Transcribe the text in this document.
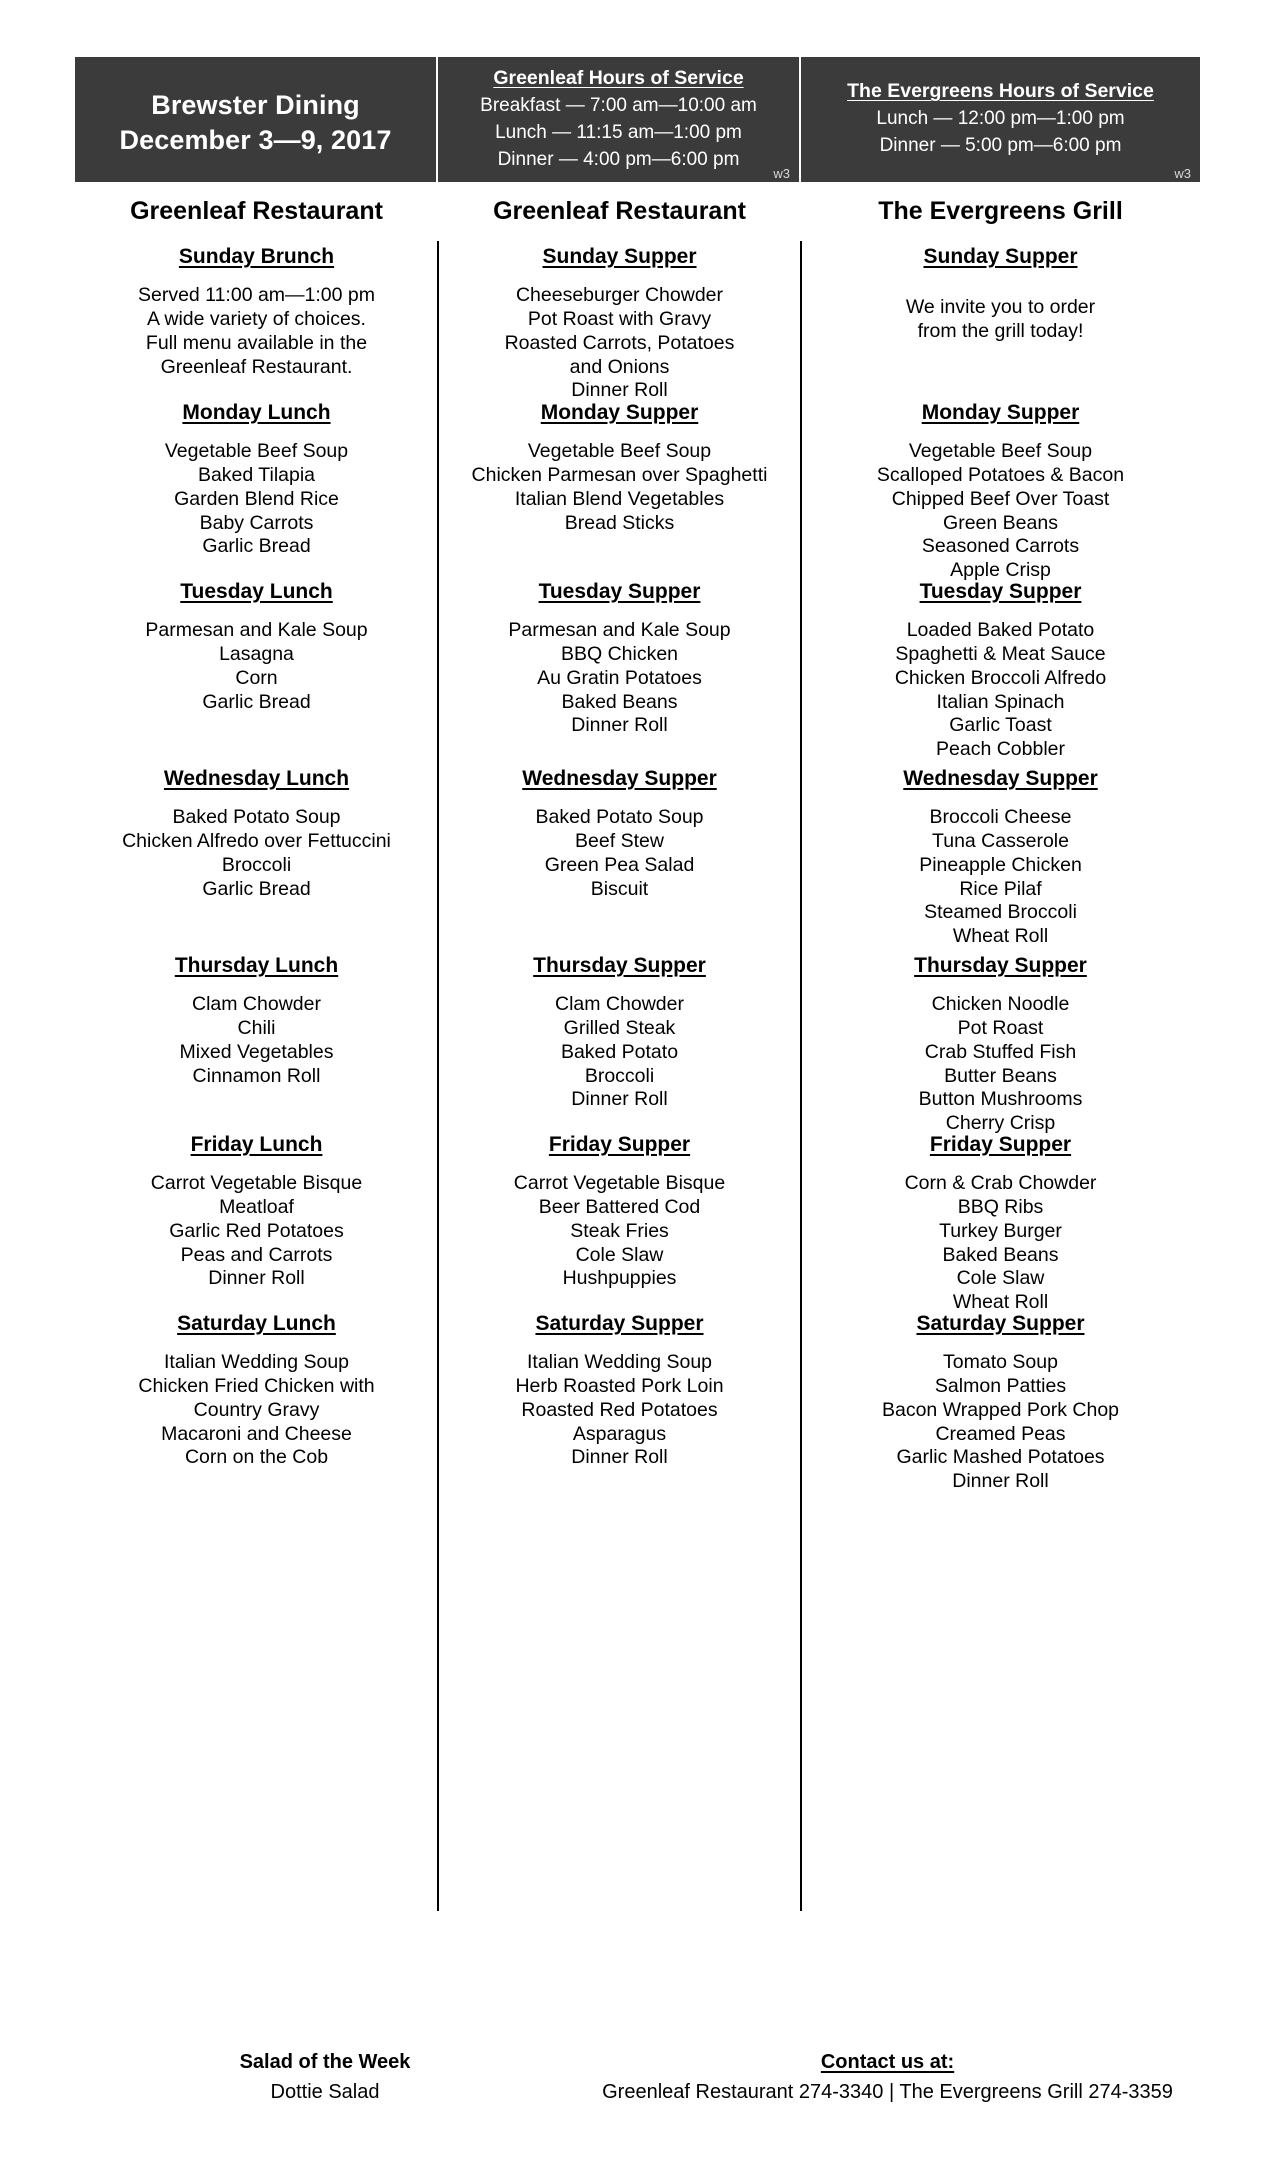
Brewster Dining
December 3—9, 2017
Greenleaf Hours of Service
Breakfast — 7:00 am—10:00 am
Lunch — 11:15 am—1:00 pm
Dinner — 4:00 pm—6:00 pm
w3
The Evergreens Hours of Service
Lunch — 12:00 pm—1:00 pm
Dinner — 5:00 pm—6:00 pm
w3
Greenleaf Restaurant
Sunday Brunch
Served 11:00 am—1:00 pm
A wide variety of choices.
Full menu available in the
Greenleaf Restaurant.
Monday Lunch
Vegetable Beef Soup
Baked Tilapia
Garden Blend Rice
Baby Carrots
Garlic Bread
Tuesday Lunch
Parmesan and Kale Soup
Lasagna
Corn
Garlic Bread
Wednesday Lunch
Baked Potato Soup
Chicken Alfredo over Fettuccini
Broccoli
Garlic Bread
Thursday Lunch
Clam Chowder
Chili
Mixed Vegetables
Cinnamon Roll
Friday Lunch
Carrot Vegetable Bisque
Meatloaf
Garlic Red Potatoes
Peas and Carrots
Dinner Roll
Saturday Lunch
Italian Wedding Soup
Chicken Fried Chicken with
Country Gravy
Macaroni and Cheese
Corn on the Cob
Greenleaf Restaurant
Sunday Supper
Cheeseburger Chowder
Pot Roast with Gravy
Roasted Carrots, Potatoes
and Onions
Dinner Roll
Monday Supper
Vegetable Beef Soup
Chicken Parmesan over Spaghetti
Italian Blend Vegetables
Bread Sticks
Tuesday Supper
Parmesan and Kale Soup
BBQ Chicken
Au Gratin Potatoes
Baked Beans
Dinner Roll
Wednesday Supper
Baked Potato Soup
Beef Stew
Green Pea Salad
Biscuit
Thursday Supper
Clam Chowder
Grilled Steak
Baked Potato
Broccoli
Dinner Roll
Friday Supper
Carrot Vegetable Bisque
Beer Battered Cod
Steak Fries
Cole Slaw
Hushpuppies
Saturday Supper
Italian Wedding Soup
Herb Roasted Pork Loin
Roasted Red Potatoes
Asparagus
Dinner Roll
The Evergreens Grill
Sunday Supper
We invite you to order
from the grill today!
Monday Supper
Vegetable Beef Soup
Scalloped Potatoes & Bacon
Chipped Beef Over Toast
Green Beans
Seasoned Carrots
Apple Crisp
Tuesday Supper
Loaded Baked Potato
Spaghetti & Meat Sauce
Chicken Broccoli Alfredo
Italian Spinach
Garlic Toast
Peach Cobbler
Wednesday Supper
Broccoli Cheese
Tuna Casserole
Pineapple Chicken
Rice Pilaf
Steamed Broccoli
Wheat Roll
Thursday Supper
Chicken Noodle
Pot Roast
Crab Stuffed Fish
Butter Beans
Button Mushrooms
Cherry Crisp
Friday Supper
Corn & Crab Chowder
BBQ Ribs
Turkey Burger
Baked Beans
Cole Slaw
Wheat Roll
Saturday Supper
Tomato Soup
Salmon Patties
Bacon Wrapped Pork Chop
Creamed Peas
Garlic Mashed Potatoes
Dinner Roll
Salad of the Week
Dottie Salad
Contact us at:
Greenleaf Restaurant 274-3340 | The Evergreens Grill 274-3359
